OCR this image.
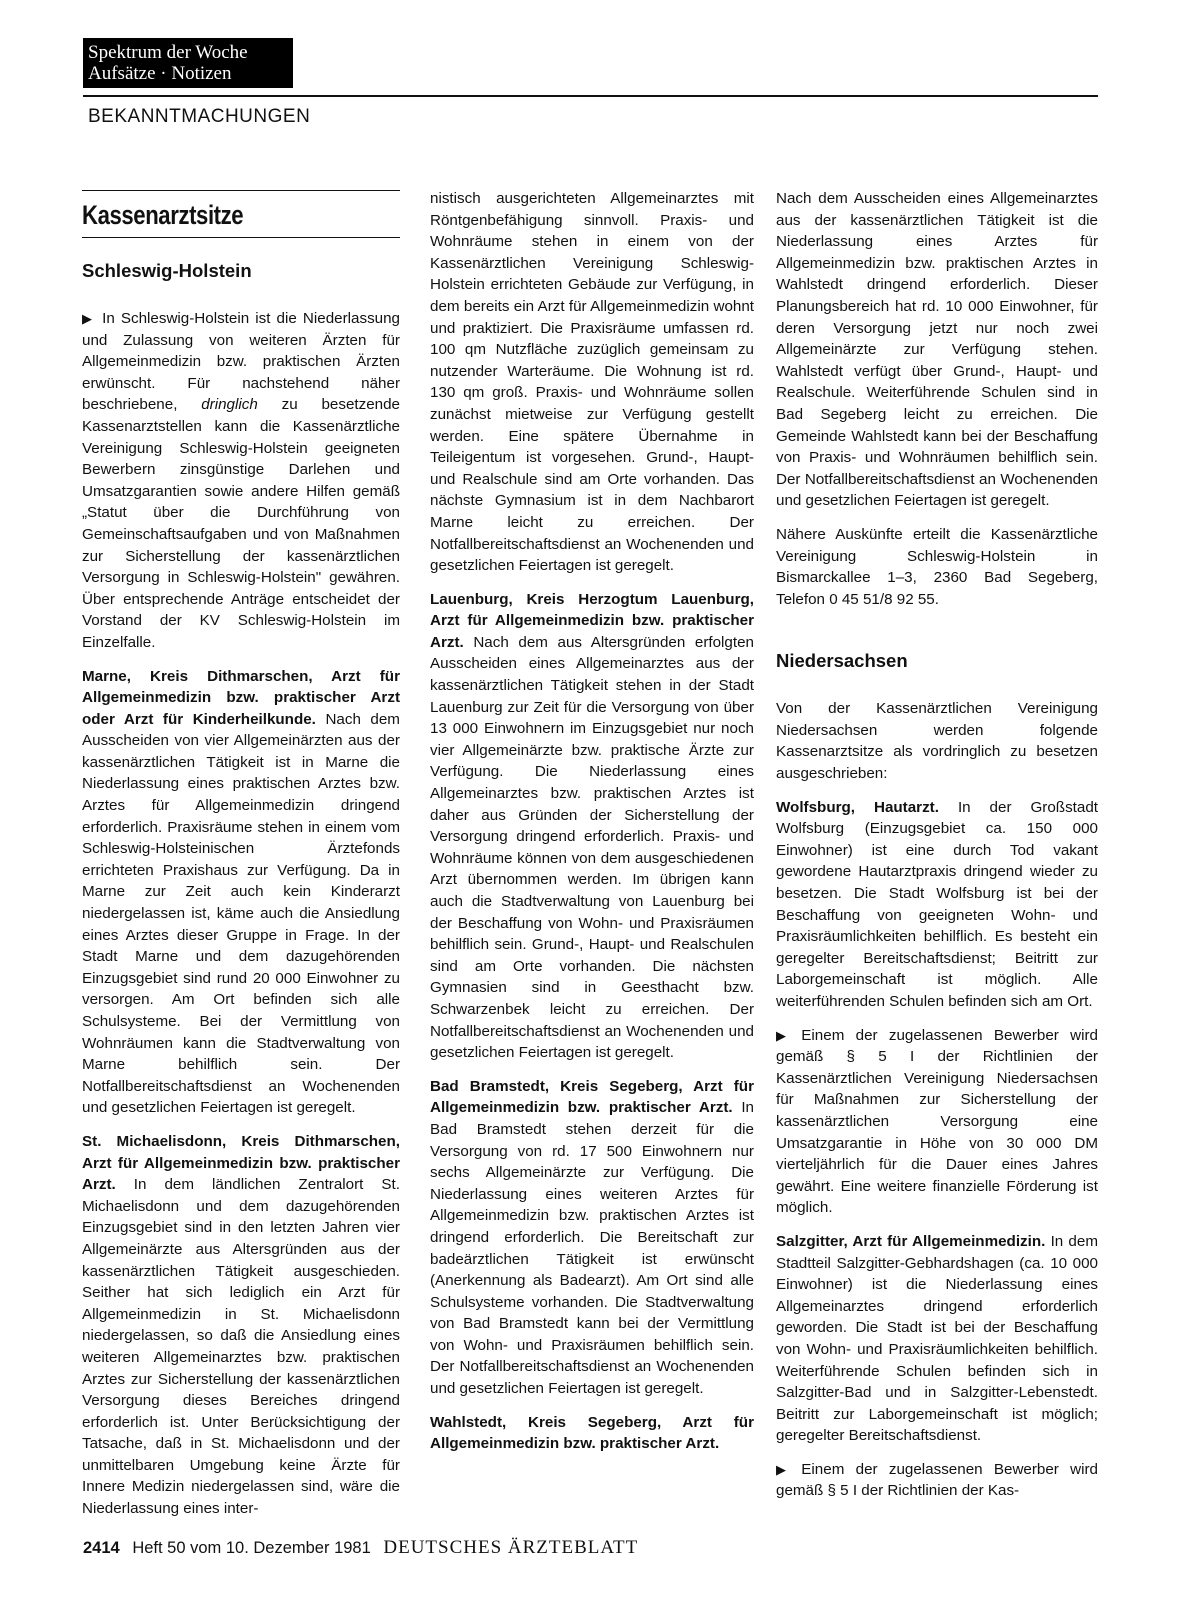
Spektrum der Woche
Aufsätze · Notizen
BEKANNTMACHUNGEN
Kassenarztsitze
Schleswig-Holstein

▶ In Schleswig-Holstein ist die Niederlassung und Zulassung von weiteren Ärzten für Allgemeinmedizin bzw. praktischen Ärzten erwünscht. Für nachstehend näher beschriebene, dringlich zu besetzende Kassenarztstellen kann die Kassenärztliche Vereinigung Schleswig-Holstein geeigneten Bewerbern zinsgünstige Darlehen und Umsatzgarantien sowie andere Hilfen gemäß „Statut über die Durchführung von Gemeinschaftsaufgaben und von Maßnahmen zur Sicherstellung der kassenärztlichen Versorgung in Schleswig-Holstein" gewähren. Über entsprechende Anträge entscheidet der Vorstand der KV Schleswig-Holstein im Einzelfalle.

Marne, Kreis Dithmarschen, Arzt für Allgemeinmedizin bzw. praktischer Arzt oder Arzt für Kinderheilkunde. Nach dem Ausscheiden von vier Allgemeinärzten aus der kassenärztlichen Tätigkeit ist in Marne die Niederlassung eines praktischen Arztes bzw. Arztes für Allgemeinmedizin dringend erforderlich. Praxisräume stehen in einem vom Schleswig-Holsteinischen Ärztefonds errichteten Praxishaus zur Verfügung. Da in Marne zur Zeit auch kein Kinderarzt niedergelassen ist, käme auch die Ansiedlung eines Arztes dieser Gruppe in Frage. In der Stadt Marne und dem dazugehörenden Einzugsgebiet sind rund 20 000 Einwohner zu versorgen. Am Ort befinden sich alle Schulsysteme. Bei der Vermittlung von Wohnräumen kann die Stadtverwaltung von Marne behilflich sein. Der Notfallbereitschaftsdienst an Wochenenden und gesetzlichen Feiertagen ist geregelt.

St. Michaelisdonn, Kreis Dithmarschen, Arzt für Allgemeinmedizin bzw. praktischer Arzt. In dem ländlichen Zentralort St. Michaelisdonn und dem dazugehörenden Einzugsgebiet sind in den letzten Jahren vier Allgemeinärzte aus Altersgründen aus der kassenärztlichen Tätigkeit ausgeschieden. Seither hat sich lediglich ein Arzt für Allgemeinmedizin in St. Michaelisdonn niedergelassen, so daß die Ansiedlung eines weiteren Allgemeinarztes bzw. praktischen Arztes zur Sicherstellung der kassenärztlichen Versorgung dieses Bereiches dringend erforderlich ist. Unter Berücksichtigung der Tatsache, daß in St. Michaelisdonn und der unmittelbaren Umgebung keine Ärzte für Innere Medizin niedergelassen sind, wäre die Niederlassung eines inter-

nistisch ausgerichteten Allgemeinarztes mit Röntgenbefähigung sinnvoll. Praxis- und Wohnräume stehen in einem von der Kassenärztlichen Vereinigung Schleswig-Holstein errichteten Gebäude zur Verfügung, in dem bereits ein Arzt für Allgemeinmedizin wohnt und praktiziert. Die Praxisräume umfassen rd. 100 qm Nutzfläche zuzüglich gemeinsam zu nutzender Warteräume. Die Wohnung ist rd. 130 qm groß. Praxis- und Wohnräume sollen zunächst mietweise zur Verfügung gestellt werden. Eine spätere Übernahme in Teileigentum ist vorgesehen. Grund-, Haupt- und Realschule sind am Orte vorhanden. Das nächste Gymnasium ist in dem Nachbarort Marne leicht zu erreichen. Der Notfallbereitschaftsdienst an Wochenenden und gesetzlichen Feiertagen ist geregelt.

Lauenburg, Kreis Herzogtum Lauenburg, Arzt für Allgemeinmedizin bzw. praktischer Arzt. Nach dem aus Altersgründen erfolgten Ausscheiden eines Allgemeinarztes aus der kassenärztlichen Tätigkeit stehen in der Stadt Lauenburg zur Zeit für die Versorgung von über 13 000 Einwohnern im Einzugsgebiet nur noch vier Allgemeinärzte bzw. praktische Ärzte zur Verfügung. Die Niederlassung eines Allgemeinarztes bzw. praktischen Arztes ist daher aus Gründen der Sicherstellung der Versorgung dringend erforderlich. Praxis- und Wohnräume können von dem ausgeschiedenen Arzt übernommen werden. Im übrigen kann auch die Stadtverwaltung von Lauenburg bei der Beschaffung von Wohn- und Praxisräumen behilflich sein. Grund-, Haupt- und Realschulen sind am Orte vorhanden. Die nächsten Gymnasien sind in Geesthacht bzw. Schwarzenbek leicht zu erreichen. Der Notfallbereitschaftsdienst an Wochenenden und gesetzlichen Feiertagen ist geregelt.

Bad Bramstedt, Kreis Segeberg, Arzt für Allgemeinmedizin bzw. praktischer Arzt. In Bad Bramstedt stehen derzeit für die Versorgung von rd. 17 500 Einwohnern nur sechs Allgemeinärzte zur Verfügung. Die Niederlassung eines weiteren Arztes für Allgemeinmedizin bzw. praktischen Arztes ist dringend erforderlich. Die Bereitschaft zur badeärztlichen Tätigkeit ist erwünscht (Anerkennung als Badearzt). Am Ort sind alle Schulsysteme vorhanden. Die Stadtverwaltung von Bad Bramstedt kann bei der Vermittlung von Wohn- und Praxisräumen behilflich sein. Der Notfallbereitschaftsdienst an Wochenenden und gesetzlichen Feiertagen ist geregelt.

Wahlstedt, Kreis Segeberg, Arzt für Allgemeinmedizin bzw. praktischer Arzt.

Nach dem Ausscheiden eines Allgemeinarztes aus der kassenärztlichen Tätigkeit ist die Niederlassung eines Arztes für Allgemeinmedizin bzw. praktischen Arztes in Wahlstedt dringend erforderlich. Dieser Planungsbereich hat rd. 10 000 Einwohner, für deren Versorgung jetzt nur noch zwei Allgemeinärzte zur Verfügung stehen. Wahlstedt verfügt über Grund-, Haupt- und Realschule. Weiterführende Schulen sind in Bad Segeberg leicht zu erreichen. Die Gemeinde Wahlstedt kann bei der Beschaffung von Praxis- und Wohnräumen behilflich sein. Der Notfallbereitschaftsdienst an Wochenenden und gesetzlichen Feiertagen ist geregelt.

Nähere Auskünfte erteilt die Kassenärztliche Vereinigung Schleswig-Holstein in Bismarckallee 1–3, 2360 Bad Segeberg, Telefon 0 45 51/8 92 55.

Niedersachsen

Von der Kassenärztlichen Vereinigung Niedersachsen werden folgende Kassenarztsitze als vordringlich zu besetzen ausgeschrieben:

Wolfsburg, Hautarzt. In der Großstadt Wolfsburg (Einzugsgebiet ca. 150 000 Einwohner) ist eine durch Tod vakant gewordene Hautarztpraxis dringend wieder zu besetzen. Die Stadt Wolfsburg ist bei der Beschaffung von geeigneten Wohn- und Praxisräumlichkeiten behilflich. Es besteht ein geregelter Bereitschaftsdienst; Beitritt zur Laborgemeinschaft ist möglich. Alle weiterführenden Schulen befinden sich am Ort.

▶ Einem der zugelassenen Bewerber wird gemäß § 5 I der Richtlinien der Kassenärztlichen Vereinigung Niedersachsen für Maßnahmen zur Sicherstellung der kassenärztlichen Versorgung eine Umsatzgarantie in Höhe von 30 000 DM vierteljährlich für die Dauer eines Jahres gewährt. Eine weitere finanzielle Förderung ist möglich.

Salzgitter, Arzt für Allgemeinmedizin. In dem Stadtteil Salzgitter-Gebhardshagen (ca. 10 000 Einwohner) ist die Niederlassung eines Allgemeinarztes dringend erforderlich geworden. Die Stadt ist bei der Beschaffung von Wohn- und Praxisräumlichkeiten behilflich. Weiterführende Schulen befinden sich in Salzgitter-Bad und in Salzgitter-Lebenstedt. Beitritt zur Laborgemeinschaft ist möglich; geregelter Bereitschaftsdienst.

▶ Einem der zugelassenen Bewerber wird gemäß § 5 I der Richtlinien der Kas-

2414 Heft 50 vom 10. Dezember 1981 DEUTSCHES ÄRZTEBLATT
